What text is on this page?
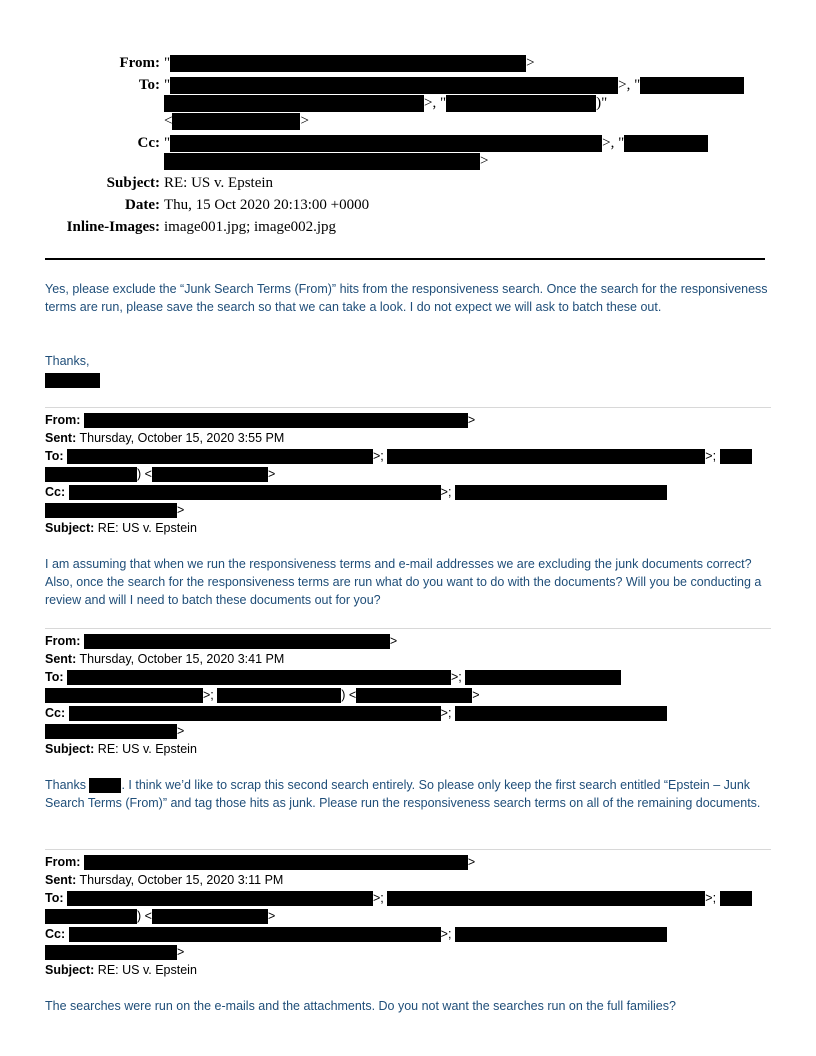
From: "	>
To: "	>, "
>, "	)"
<	>
Cc: "	>, "
>
Subject: RE: US v. Epstein
Date: Thu, 15 Oct 2020 20:13:00 +0000
Inline-Images: image001.jpg; image002.jpg
Yes, please exclude the “Junk Search Terms (From)” hits from the responsiveness search. Once the search for the responsiveness terms are run, please save the search so that we can take a look. I do not expect we will ask to batch these out.
Thanks,
From:	>
Sent: Thursday, October 15, 2020 3:55 PM
To:	>;	>;
) <	>
Cc:	>;
>
Subject: RE: US v. Epstein
I am assuming that when we run the responsiveness terms and e-mail addresses we are excluding the junk documents correct? Also, once the search for the responsiveness terms are run what do you want to do with the documents? Will you be conducting a review and will I need to batch these documents out for you?
From:	>
Sent: Thursday, October 15, 2020 3:41 PM
To:	>;
>;	) <	>
Cc:	>;
>
Subject: RE: US v. Epstein
Thanks	. I think we’d like to scrap this second search entirely. So please only keep the first search entitled “Epstein – Junk Search Terms (From)” and tag those hits as junk. Please run the responsiveness search terms on all of the remaining documents.
From:	>
Sent: Thursday, October 15, 2020 3:11 PM
To:	>;	>;
) <	>
Cc:	>;
>
Subject: RE: US v. Epstein
The searches were run on the e-mails and the attachments. Do you not want the searches run on the full families?
